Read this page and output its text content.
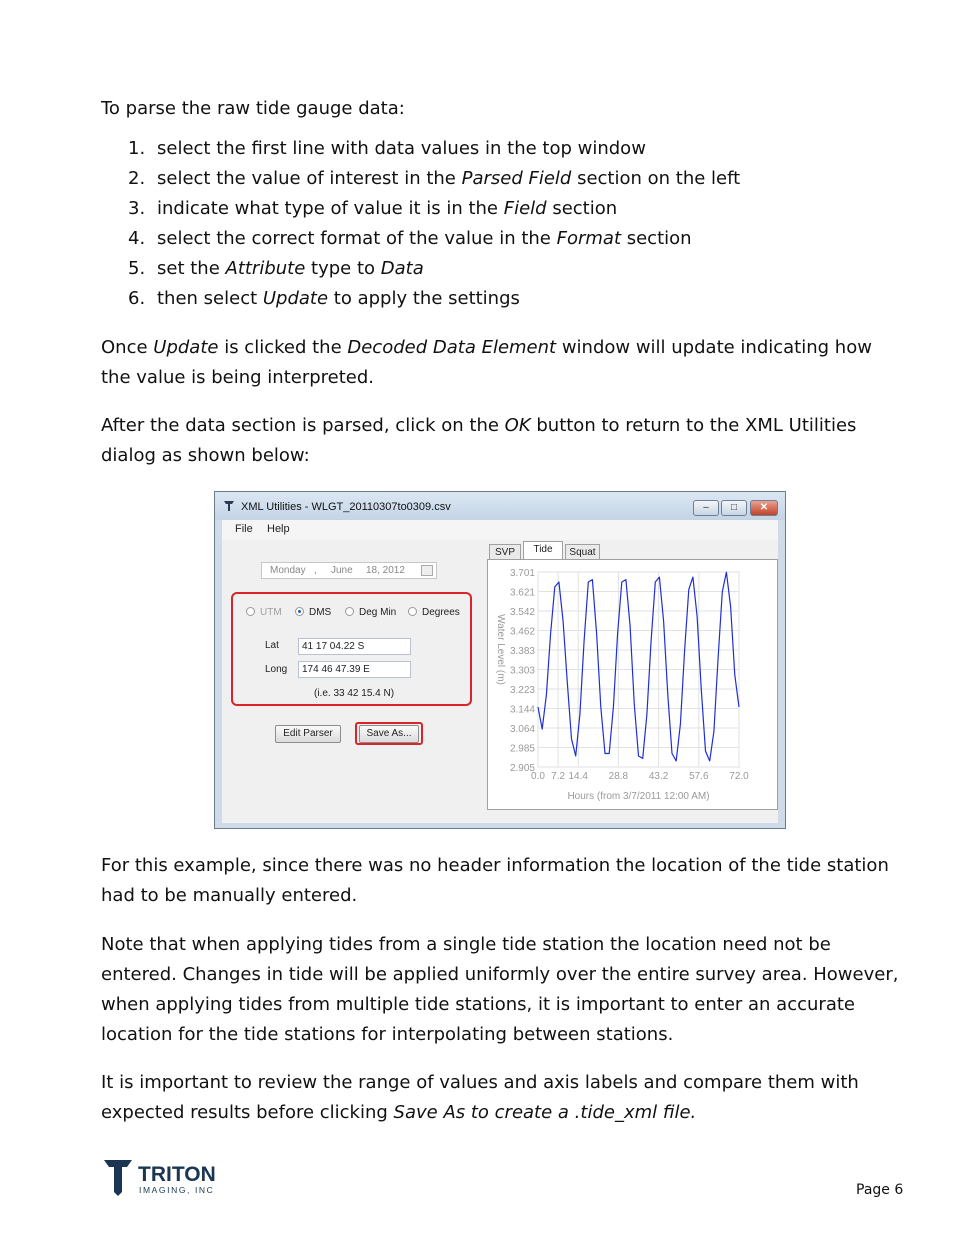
To parse the raw tide gauge data:

1. select the first line with data values in the top window
2. select the value of interest in the Parsed Field section on the left
3. indicate what type of value it is in the Field section
4. select the correct format of the value in the Format section
5. set the Attribute type to Data
6. then select Update to apply the settings

Once Update is clicked the Decoded Data Element window will update indicating how the value is being interpreted.

After the data section is parsed, click on the OK button to return to the XML Utilities dialog as shown below:

XML Utilities - WLGT_20110307to0309.csv	–	□	✕
File Help
Monday , June 18, 2012
UTM	DMS	Deg Min	Degrees
Lat	41 17 04.22 S
Long	174 46 47.39 E
(i.e. 33 42 15.4 N)
Edit Parser	Save As...
SVP	Tide	Squat
3.701
3.621
3.542
3.462
3.383
3.303
3.223
3.144
3.064
2.985
2.905
0.0 7.2 14.4 28.8 43.2 57.6 72.0
Water Level (m)
Hours (from 3/7/2011 12:00 AM)

For this example, since there was no header information the location of the tide station had to be manually entered.

Note that when applying tides from a single tide station the location need not be entered. Changes in tide will be applied uniformly over the entire survey area. However, when applying tides from multiple tide stations, it is important to enter an accurate location for the tide stations for interpolating between stations.

It is important to review the range of values and axis labels and compare them with expected results before clicking Save As to create a .tide_xml file.

TRITON
IMAGING, INC	Page 6
